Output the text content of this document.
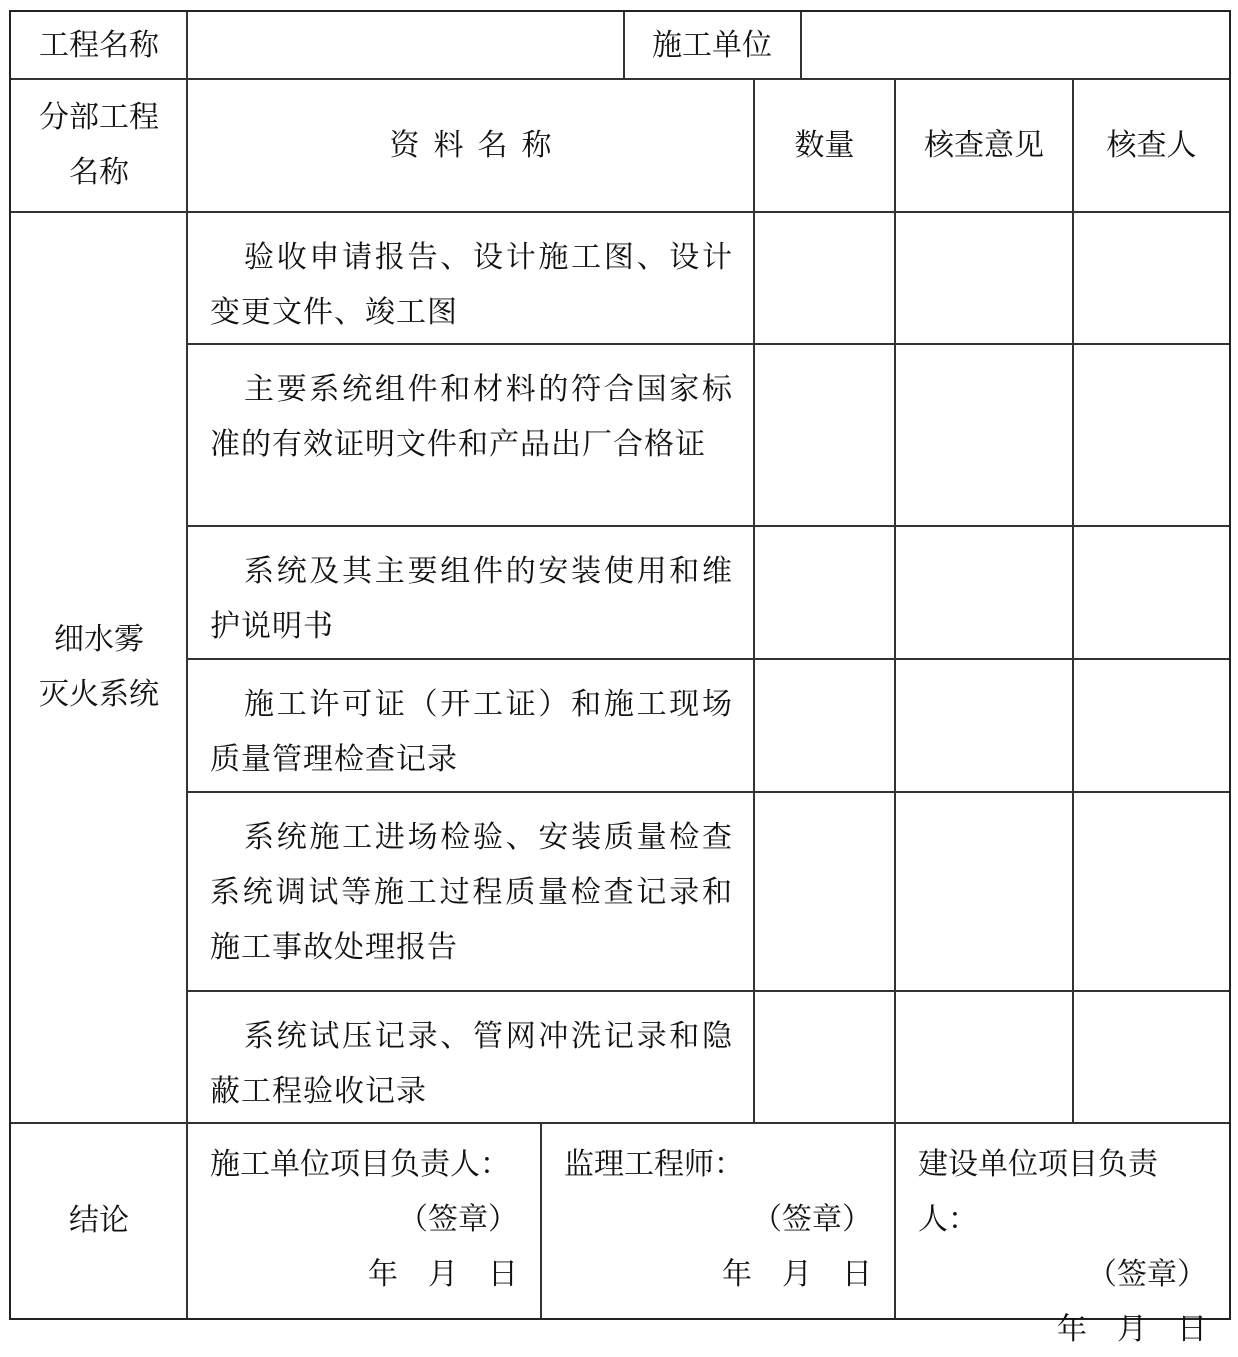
工程名称	施工单位
分部工程
名称
资料名称	数量 核查意见 核查人
细水雾
灭火系统
验收申请报告、设计施工图、设计变更文件、竣工图
主要系统组件和材料的符合国家标准的有效证明文件和产品出厂合格证
系统及其主要组件的安装使用和维护说明书
施工许可证（开工证）和施工现场质量管理检查记录
系统施工进场检验、安装质量检查系统调试等施工过程质量检查记录和施工事故处理报告
系统试压记录、管网冲洗记录和隐蔽工程验收记录
结论
施工单位项目负责人：
（签章）
年　月　日
监理工程师：
（签章）
年　月　日
建设单位项目负责人：
（签章）
年　月　日
